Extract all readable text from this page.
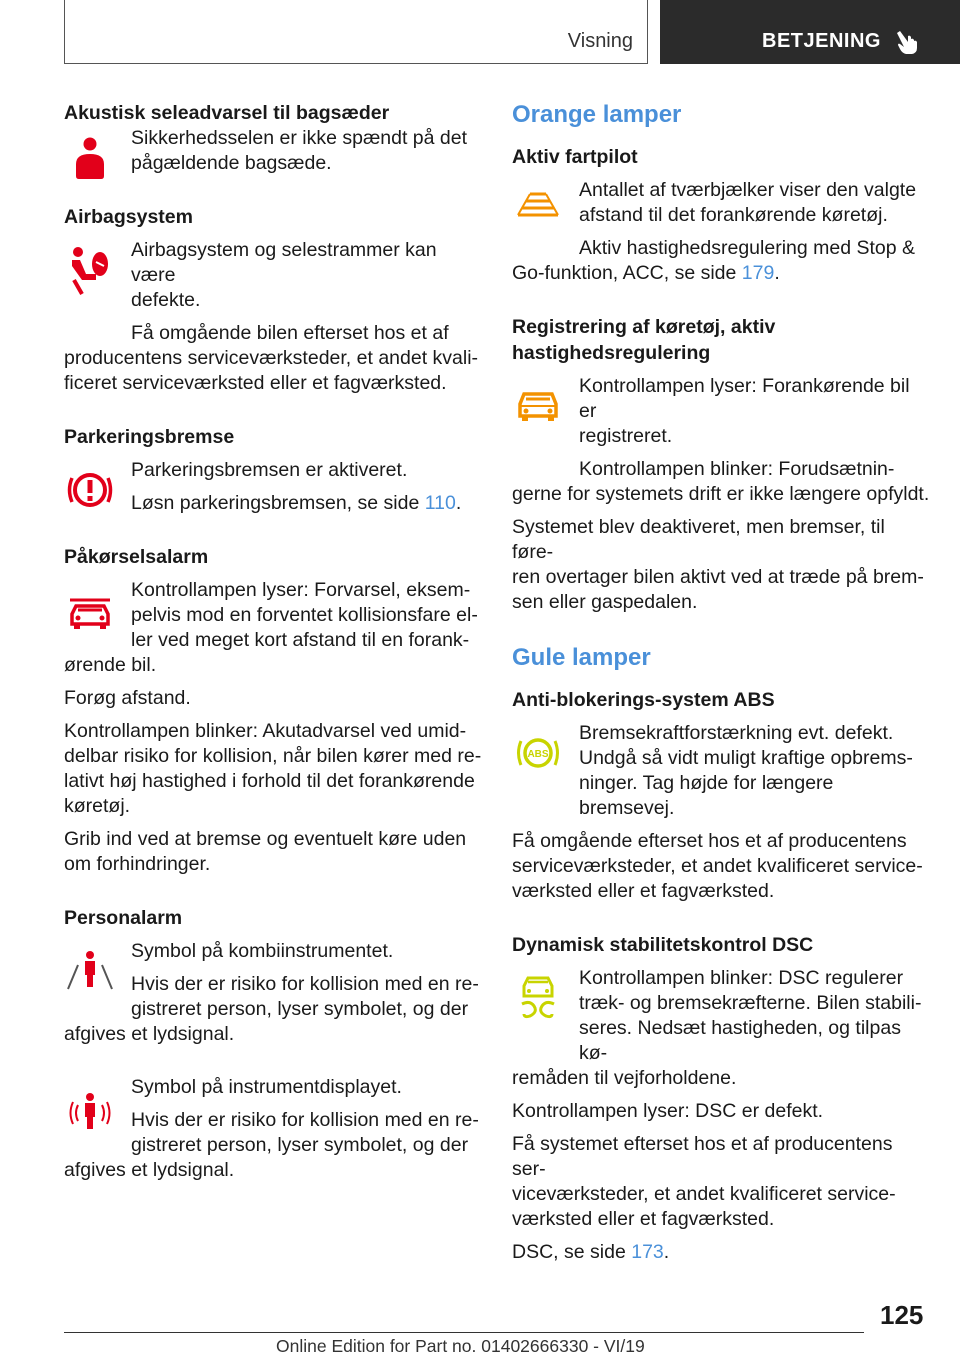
Visning	BETJENING
Akustisk seleadvarsel til bagsæder
Sikkerhedsselen er ikke spændt på det
pågældende bagsæde.
Airbagsystem
Airbagsystem og selestrammer kan være
defekte.
Få omgående bilen efterset hos et af
producentens serviceværksteder, et andet kvali-
ficeret serviceværksted eller et fagværksted.
Parkeringsbremse
Parkeringsbremsen er aktiveret.
Løsn parkeringsbremsen, se side 110.
Påkørselsalarm
Kontrollampen lyser: Forvarsel, eksem-
pelvis mod en forventet kollisionsfare el-
ler ved meget kort afstand til en forank-
ørende bil.
Forøg afstand.
Kontrollampen blinker: Akutadvarsel ved umid-
delbar risiko for kollision, når bilen kører med re-
lativt høj hastighed i forhold til det forankørende
køretøj.
Grib ind ved at bremse og eventuelt køre uden
om forhindringer.
Personalarm
Symbol på kombiinstrumentet.
Hvis der er risiko for kollision med en re-
gistreret person, lyser symbolet, og der
afgives et lydsignal.
Symbol på instrumentdisplayet.
Hvis der er risiko for kollision med en re-
gistreret person, lyser symbolet, og der
afgives et lydsignal.
Orange lamper
Aktiv fartpilot
Antallet af tværbjælker viser den valgte
afstand til det forankørende køretøj.
Aktiv hastighedsregulering med Stop &
Go-funktion, ACC, se side 179.
Registrering af køretøj, aktiv
hastighedsregulering
Kontrollampen lyser: Forankørende bil er
registreret.
Kontrollampen blinker: Forudsætnin-
gerne for systemets drift er ikke længere opfyldt.
Systemet blev deaktiveret, men bremser, til føre-
ren overtager bilen aktivt ved at træde på brem-
sen eller gaspedalen.
Gule lamper
Anti-blokerings-system ABS
ABS
Bremsekraftforstærkning evt. defekt.
Undgå så vidt muligt kraftige opbrems-
ninger. Tag højde for længere bremsevej.
Få omgående efterset hos et af producentens
serviceværksteder, et andet kvalificeret service-
værksted eller et fagværksted.
Dynamisk stabilitetskontrol DSC
Kontrollampen blinker: DSC regulerer
træk- og bremsekræfterne. Bilen stabili-
seres. Nedsæt hastigheden, og tilpas kø-
remåden til vejforholdene.
Kontrollampen lyser: DSC er defekt.
Få systemet efterset hos et af producentens ser-
viceværksteder, et andet kvalificeret service-
værksted eller et fagværksted.
DSC, se side 173.
125
Online Edition for Part no. 01402666330 - VI/19
